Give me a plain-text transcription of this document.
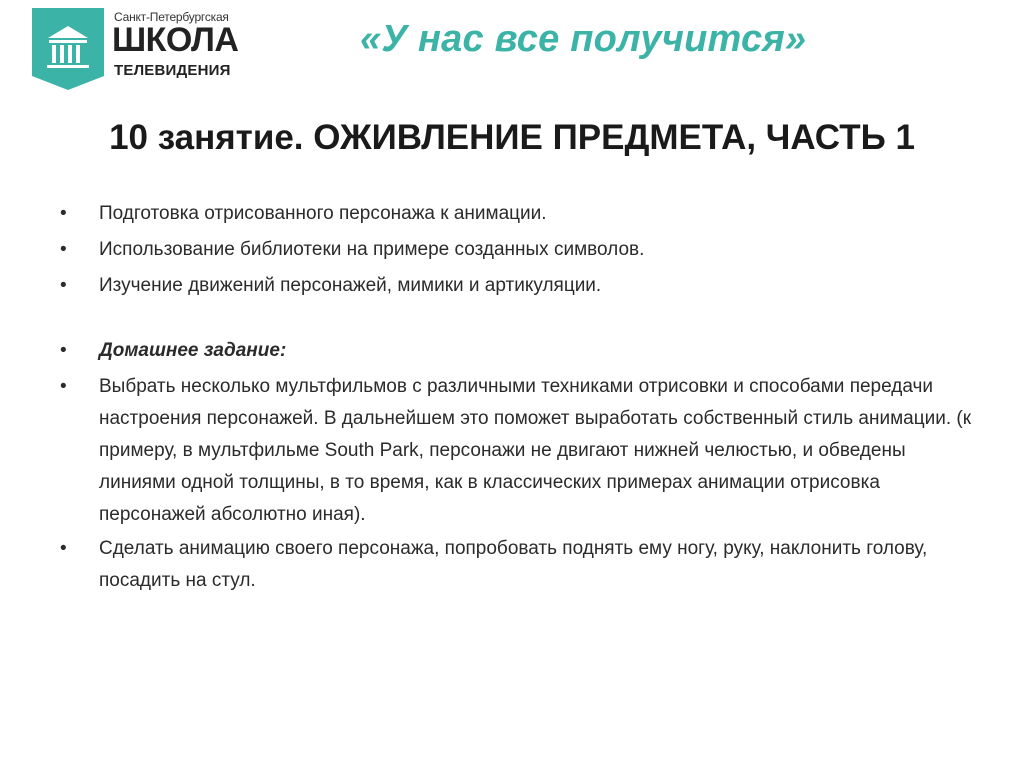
Санкт-Петербургская
ШКОЛА
ТЕЛЕВИДЕНИЯ
«У нас все получится»
10 занятие. ОЖИВЛЕНИЕ ПРЕДМЕТА, ЧАСТЬ 1
•	Подготовка отрисованного персонажа к анимации.
•	Использование библиотеки на примере созданных символов.
•	Изучение движений персонажей, мимики и артикуляции.
•	Домашнее задание:
•	Выбрать несколько мультфильмов с различными техниками отрисовки и способами передачи настроения персонажей. В дальнейшем это поможет выработать собственный стиль анимации. (к примеру, в мультфильме South Park, персонажи не двигают нижней челюстью, и обведены линиями одной толщины, в то время, как в классических примерах анимации отрисовка персонажей абсолютно иная).
•	Сделать анимацию своего персонажа, попробовать поднять ему ногу, руку, наклонить голову, посадить на стул.
